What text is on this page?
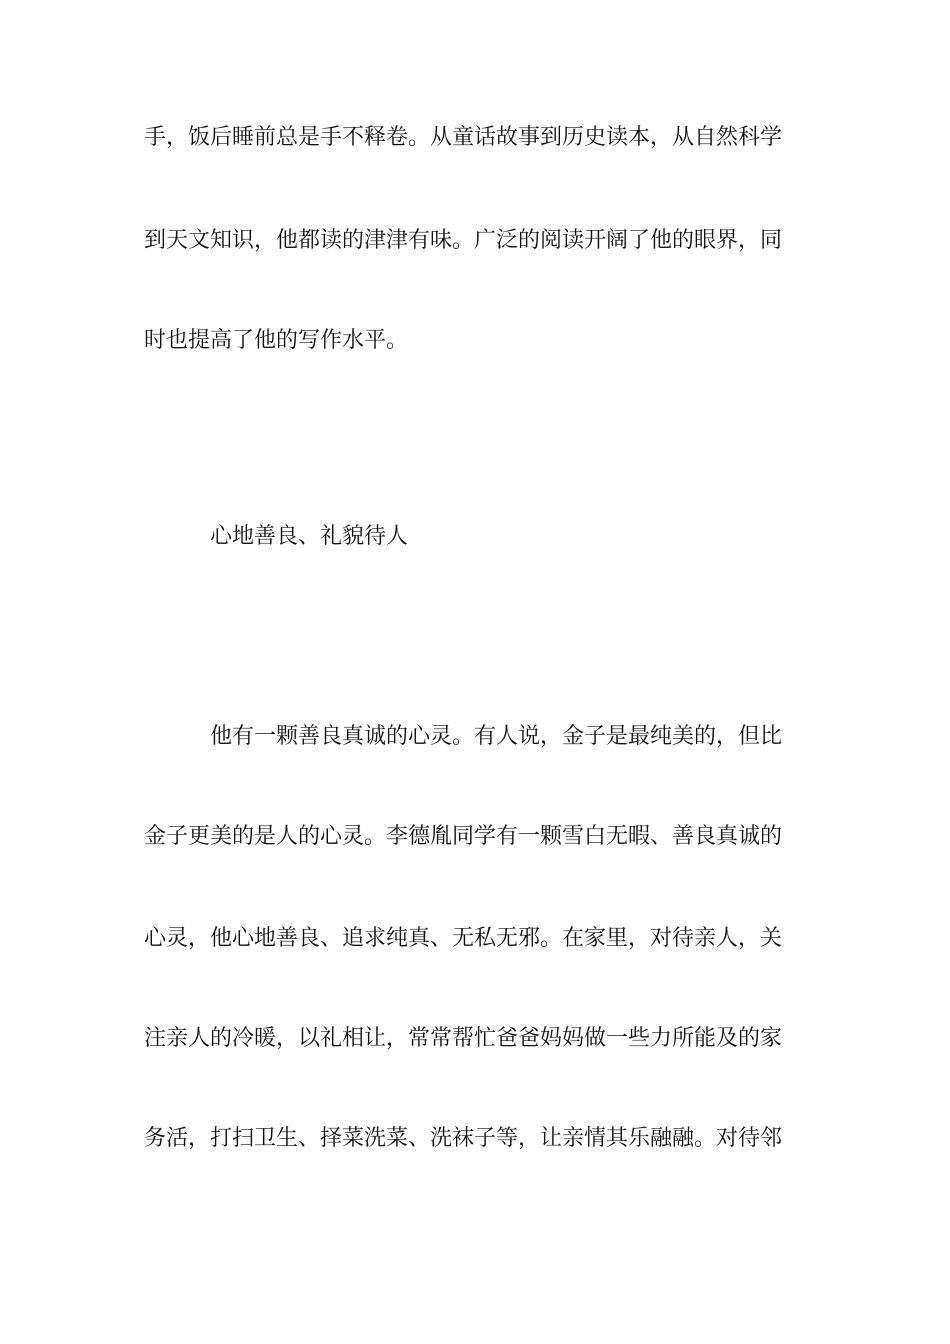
手，饭后睡前总是手不释卷。从童话故事到历史读本，从自然科学
到天文知识，他都读的津津有味。广泛的阅读开阔了他的眼界，同
时也提高了他的写作水平。
心地善良、礼貌待人
他有一颗善良真诚的心灵。有人说，金子是最纯美的，但比
金子更美的是人的心灵。李德胤同学有一颗雪白无暇、善良真诚的
心灵，他心地善良、追求纯真、无私无邪。在家里，对待亲人，关
注亲人的冷暖，以礼相让，常常帮忙爸爸妈妈做一些力所能及的家
务活，打扫卫生、择菜洗菜、洗袜子等，让亲情其乐融融。对待邻
